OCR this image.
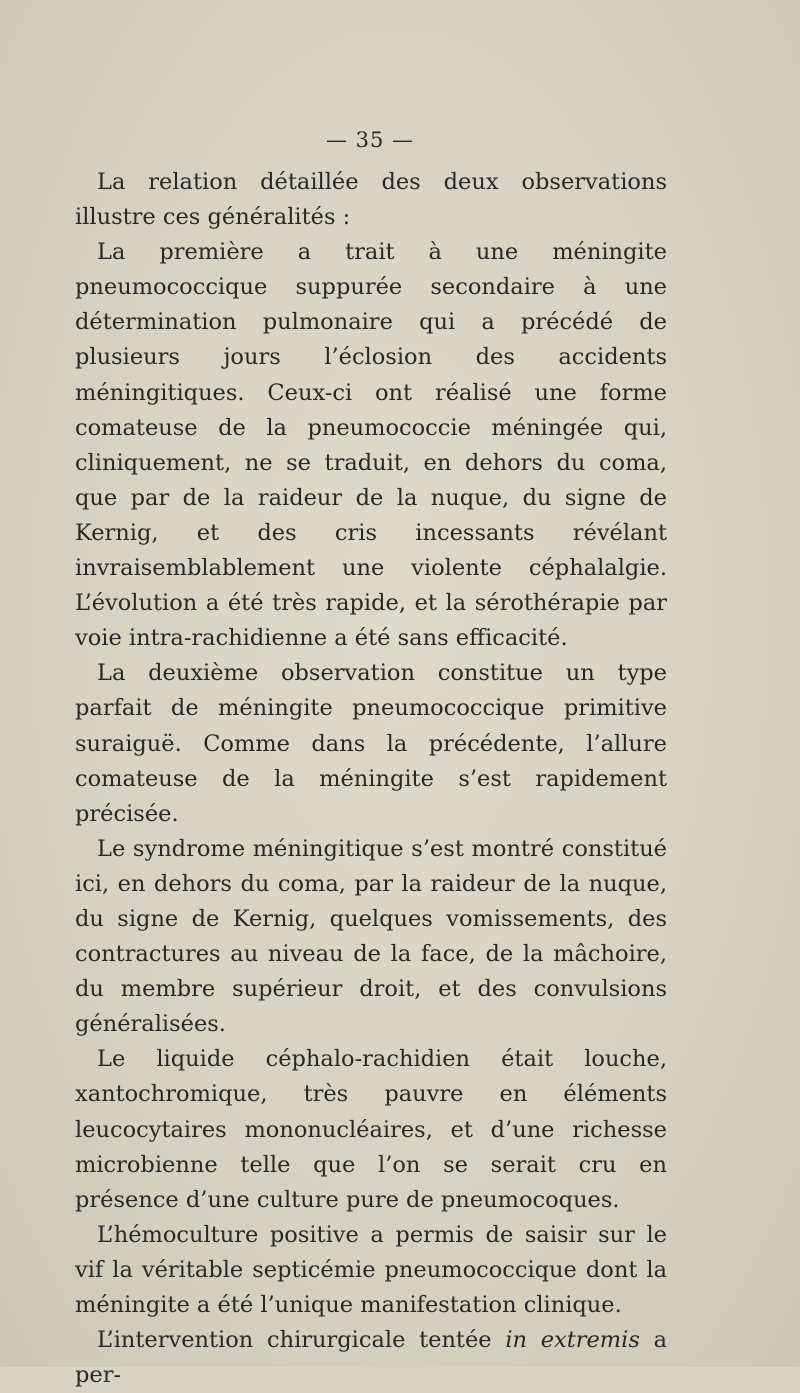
— 35 —

La relation détaillée des deux observations illustre ces généralités :

La première a trait à une méningite pneumococcique suppurée secondaire à une détermination pulmonaire qui a précédé de plusieurs jours l’éclosion des accidents méningitiques. Ceux-ci ont réalisé une forme comateuse de la pneumococcie méningée qui, cliniquement, ne se traduit, en dehors du coma, que par de la raideur de la nuque, du signe de Kernig, et des cris incessants révélant invraisemblablement une violente céphalalgie. L’évolution a été très rapide, et la sérothérapie par voie intra-rachidienne a été sans efficacité.

La deuxième observation constitue un type parfait de méningite pneumococcique primitive suraiguë. Comme dans la précédente, l’allure comateuse de la méningite s’est rapidement précisée.

Le syndrome méningitique s’est montré constitué ici, en dehors du coma, par la raideur de la nuque, du signe de Kernig, quelques vomissements, des contractures au niveau de la face, de la mâchoire, du membre supérieur droit, et des convulsions généralisées.

Le liquide céphalo-rachidien était louche, xantochromique, très pauvre en éléments leucocytaires mononucléaires, et d’une richesse microbienne telle que l’on se serait cru en présence d’une culture pure de pneumocoques.

L’hémoculture positive a permis de saisir sur le vif la véritable septicémie pneumococcique dont la méningite a été l’unique manifestation clinique.

L’intervention chirurgicale tentée in extremis a per-
